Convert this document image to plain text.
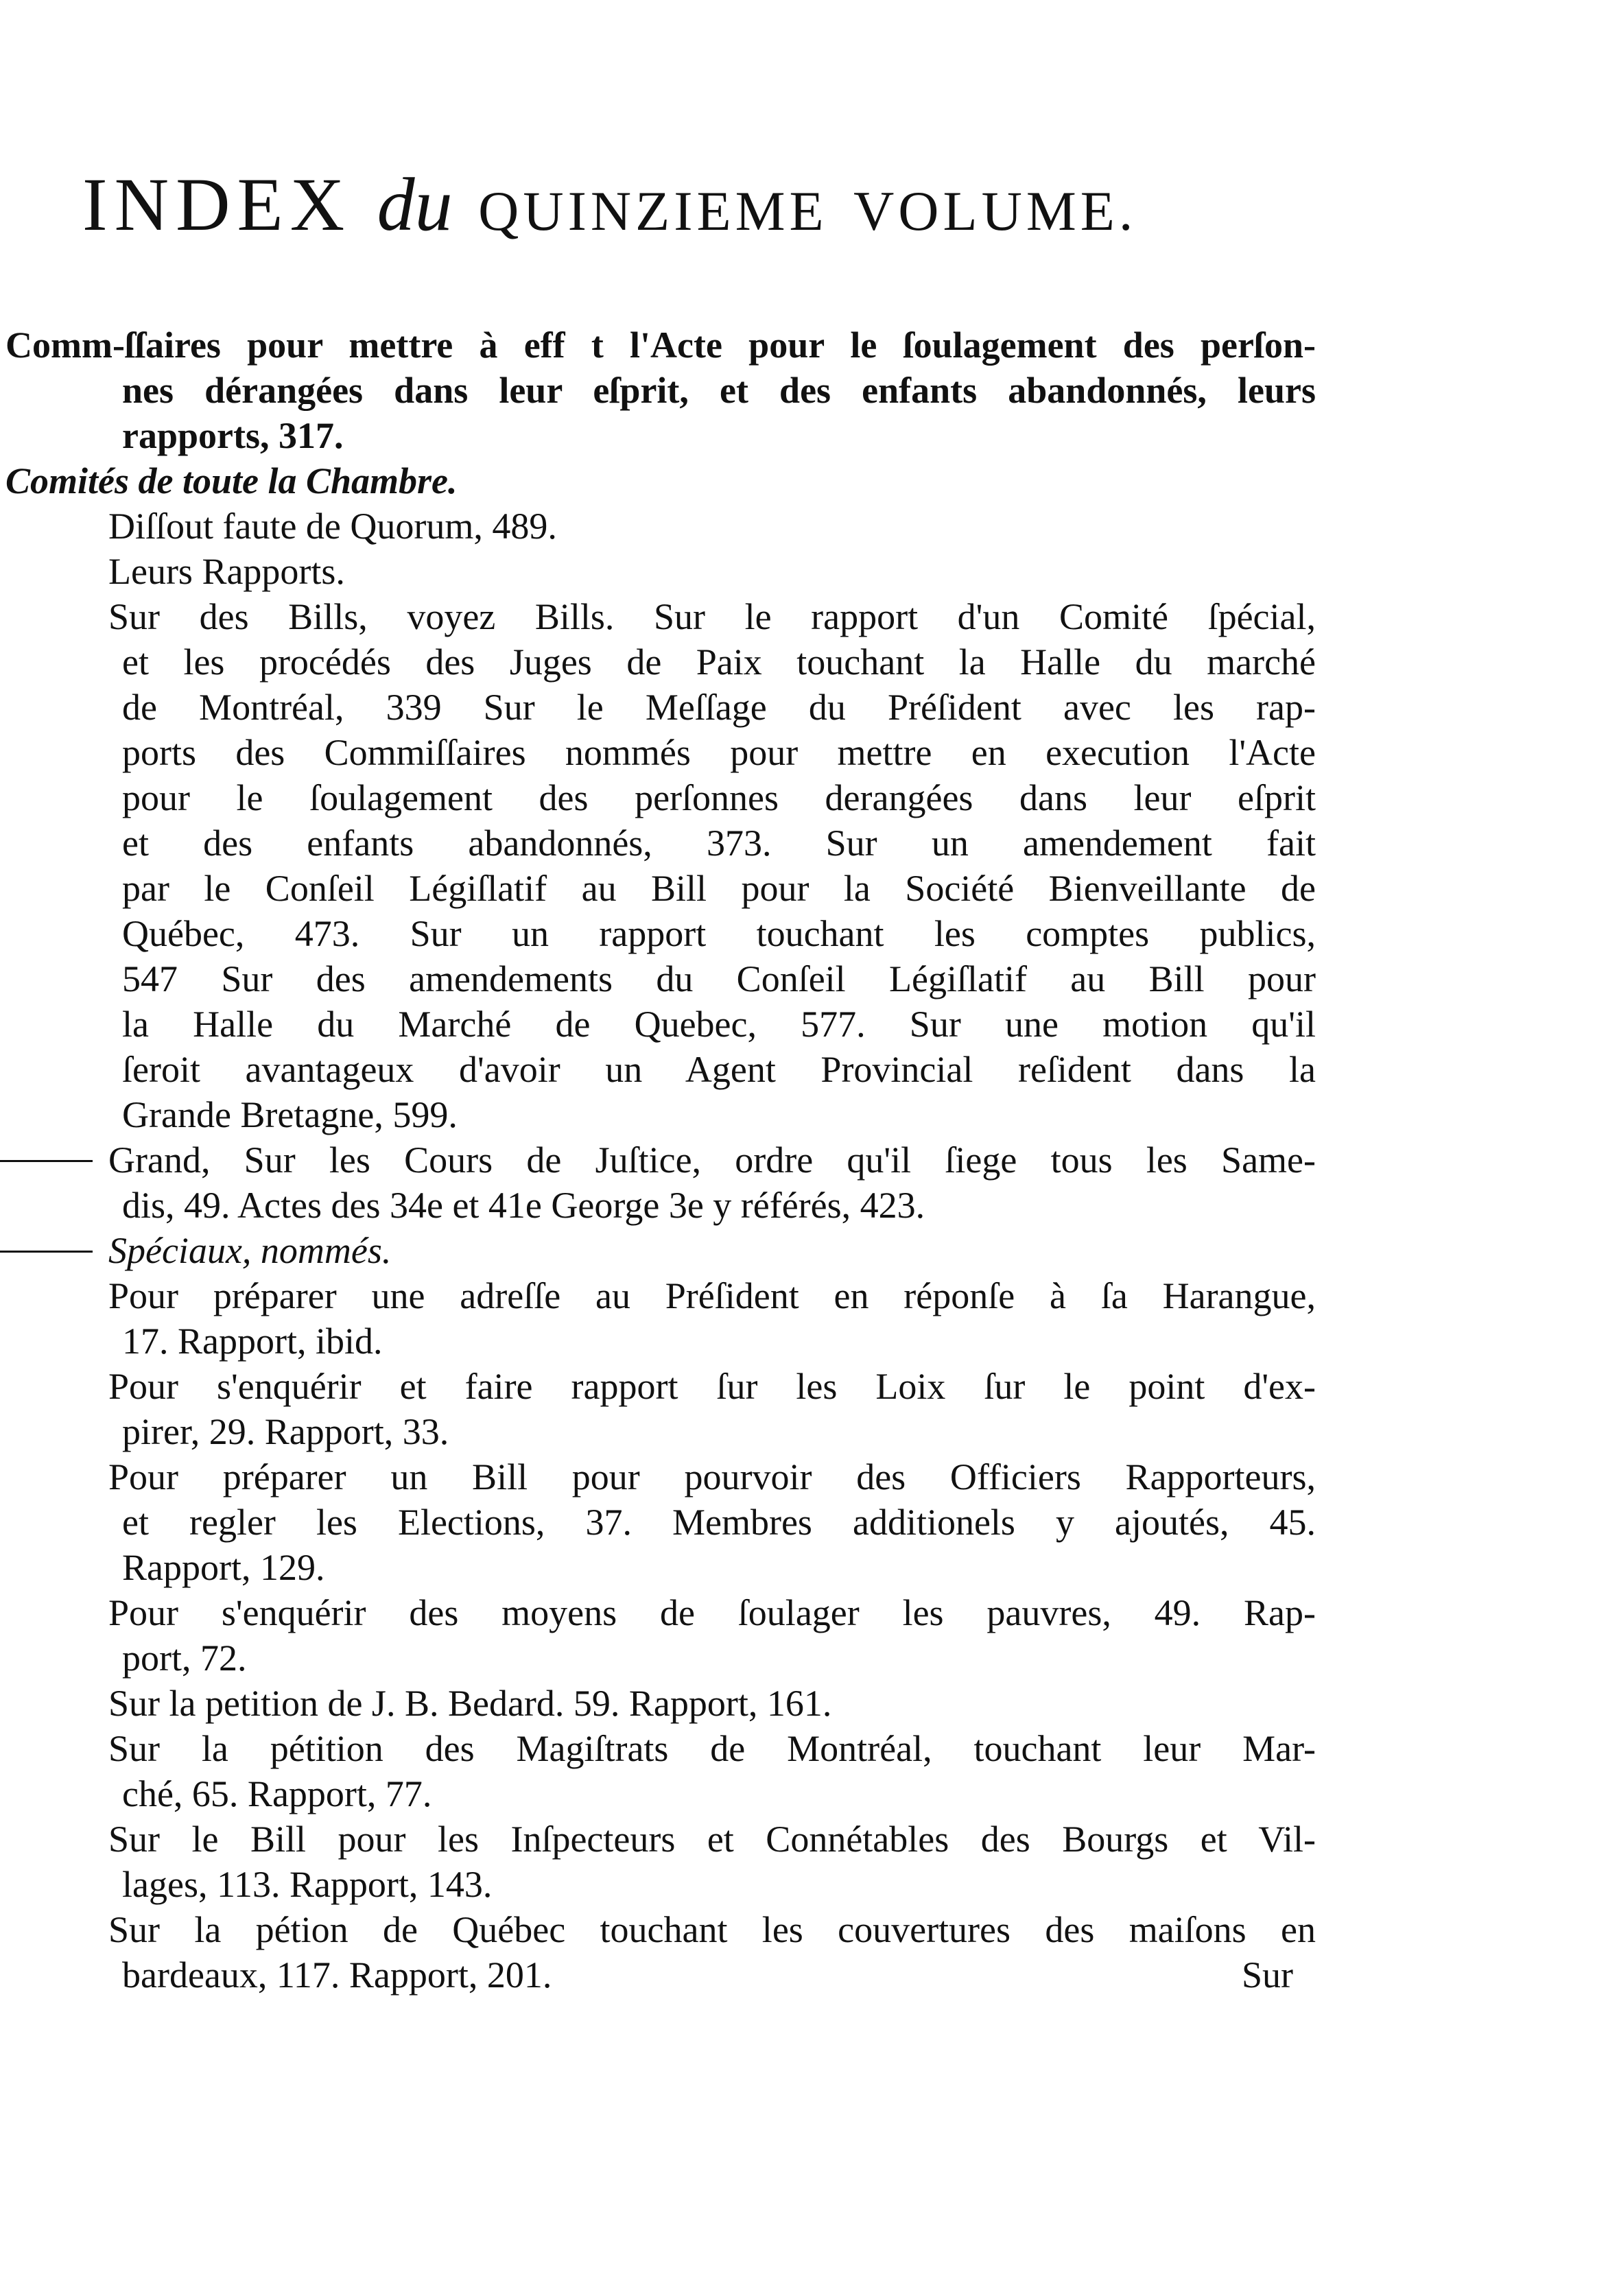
INDEX du QUINZIEME VOLUME.
Comm-ſſaires pour mettre à eff t l'Acte pour le ſoulagement des perſon-
nes dérangées dans leur eſprit, et des enfants abandonnés, leurs
rapports, 317.
Comités de toute la Chambre.
Diſſout faute de Quorum, 489.
Leurs Rapports.
Sur des Bills, voyez Bills. Sur le rapport d'un Comité ſpécial,
et les procédés des Juges de Paix touchant la Halle du marché
de Montréal, 339 Sur le Meſſage du Préſident avec les rap-
ports des Commiſſaires nommés pour mettre en execution l'Acte
pour le ſoulagement des perſonnes derangées dans leur eſprit
et des enfants abandonnés, 373. Sur un amendement fait
par le Conſeil Légiſlatif au Bill pour la Société Bienveillante de
Québec, 473. Sur un rapport touchant les comptes publics,
547 Sur des amendements du Conſeil Légiſlatif au Bill pour
la Halle du Marché de Quebec, 577. Sur une motion qu'il
ſeroit avantageux d'avoir un Agent Provincial reſident dans la
Grande Bretagne, 599.
Grand, Sur les Cours de Juſtice, ordre qu'il ſiege tous les Same-
dis, 49. Actes des 34e et 41e George 3e y référés, 423.
Spéciaux, nommés.
Pour préparer une adreſſe au Préſident en réponſe à ſa Harangue,
17. Rapport, ibid.
Pour s'enquérir et faire rapport ſur les Loix ſur le point d'ex-
pirer, 29. Rapport, 33.
Pour préparer un Bill pour pourvoir des Officiers Rapporteurs,
et regler les Elections, 37. Membres additionels y ajoutés, 45.
Rapport, 129.
Pour s'enquérir des moyens de ſoulager les pauvres, 49. Rap-
port, 72.
Sur la petition de J. B. Bedard. 59. Rapport, 161.
Sur la pétition des Magiſtrats de Montréal, touchant leur Mar-
ché, 65. Rapport, 77.
Sur le Bill pour les Inſpecteurs et Connétables des Bourgs et Vil-
lages, 113. Rapport, 143.
Sur la pétion de Québec touchant les couvertures des maiſons en
bardeaux, 117. Rapport, 201.	Sur
